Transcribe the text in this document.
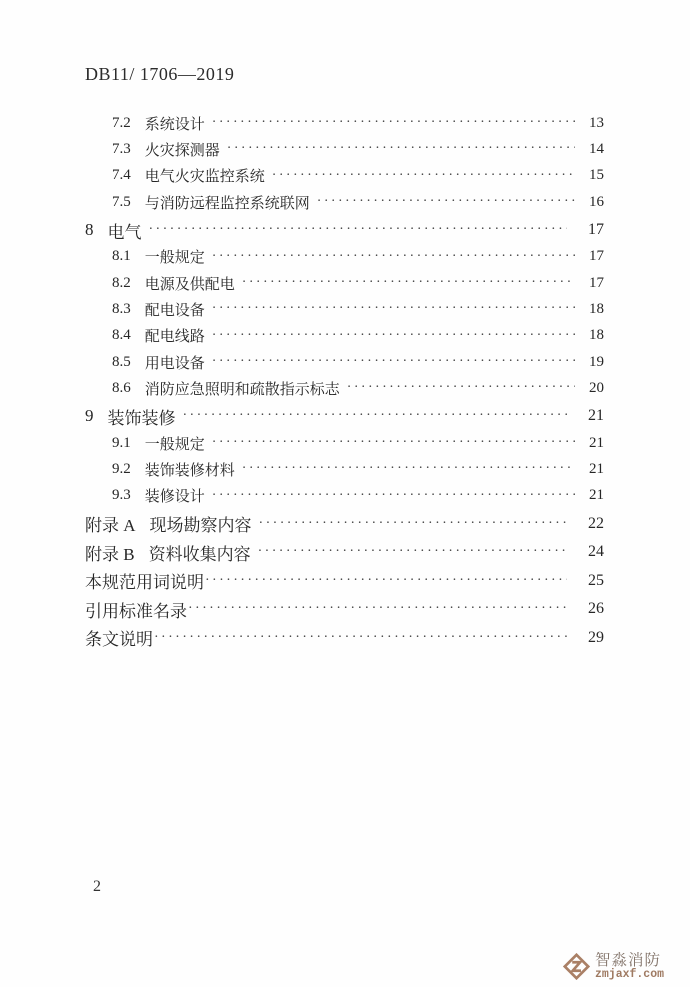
DB11/ 1706—2019
7.2 系统设计 ·····	13
7.3 火灾探测器 ·····	14
7.4 电气火灾监控系统 ·····	15
7.5 与消防远程监控系统联网 ·····	16
8 电气 ·····	17
8.1 一般规定 ·····	17
8.2 电源及供配电 ·····	17
8.3 配电设备 ·····	18
8.4 配电线路 ·····	18
8.5 用电设备 ·····	19
8.6 消防应急照明和疏散指示标志 ·····	20
9 装饰装修 ·····	21
9.1 一般规定 ·····	21
9.2 装饰装修材料 ·····	21
9.3 装修设计 ·····	21
附录 A 现场勘察内容 ·····	22
附录 B 资料收集内容 ·····	24
本规范用词说明 ·····	25
引用标准名录 ·····	26
条文说明 ·····	29
2
智淼消防
zmjaxf.com
